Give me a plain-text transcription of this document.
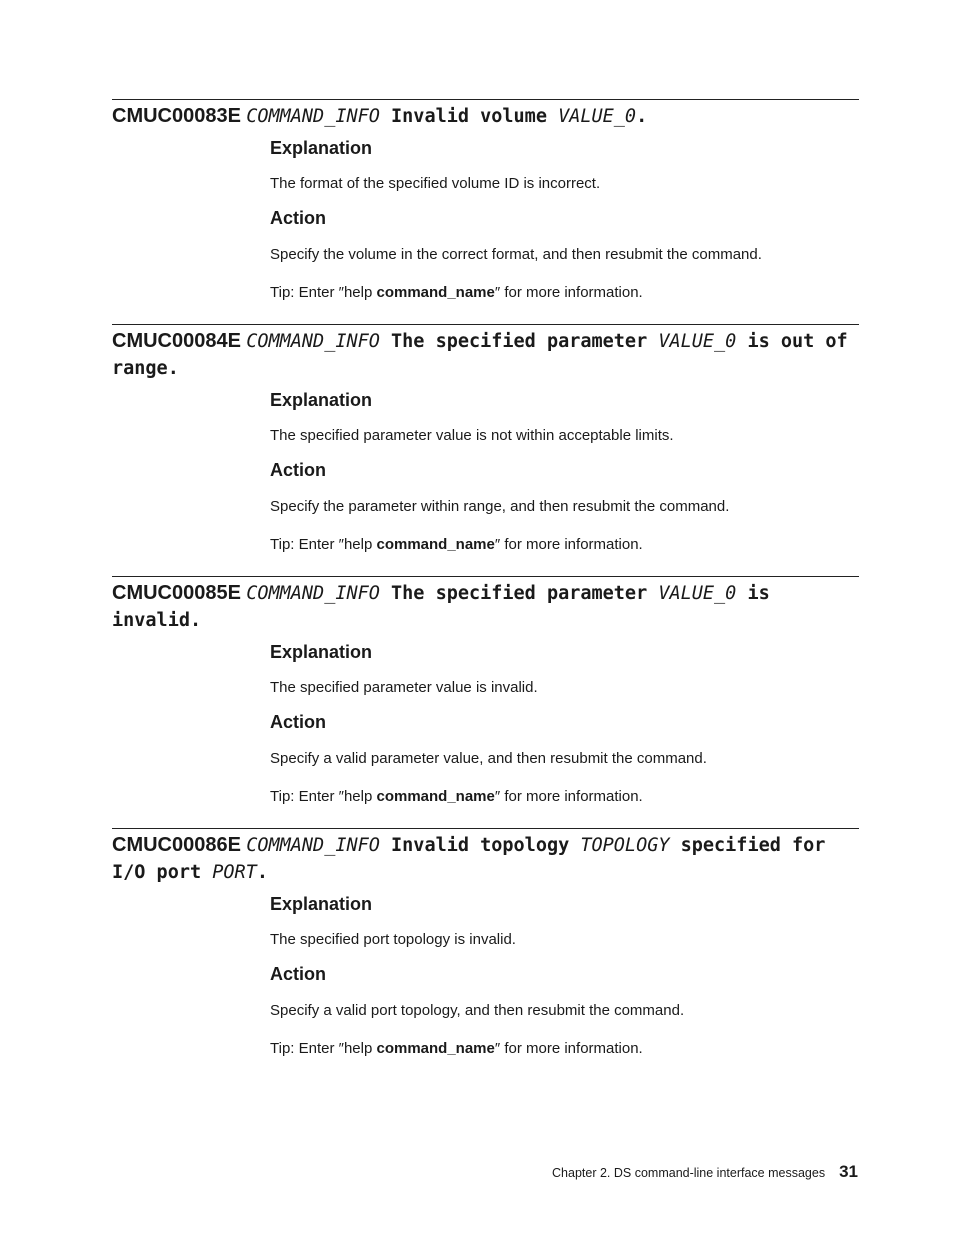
CMUC00083E COMMAND_INFO Invalid volume VALUE_0.
Explanation
The format of the specified volume ID is incorrect.
Action
Specify the volume in the correct format, and then resubmit the command.
Tip: Enter ″help command_name″ for more information.
CMUC00084E COMMAND_INFO The specified parameter VALUE_0 is out of range.
Explanation
The specified parameter value is not within acceptable limits.
Action
Specify the parameter within range, and then resubmit the command.
Tip: Enter ″help command_name″ for more information.
CMUC00085E COMMAND_INFO The specified parameter VALUE_0 is invalid.
Explanation
The specified parameter value is invalid.
Action
Specify a valid parameter value, and then resubmit the command.
Tip: Enter ″help command_name″ for more information.
CMUC00086E COMMAND_INFO Invalid topology TOPOLOGY specified for I/O port PORT.
Explanation
The specified port topology is invalid.
Action
Specify a valid port topology, and then resubmit the command.
Tip: Enter ″help command_name″ for more information.
Chapter 2. DS command-line interface messages 31
